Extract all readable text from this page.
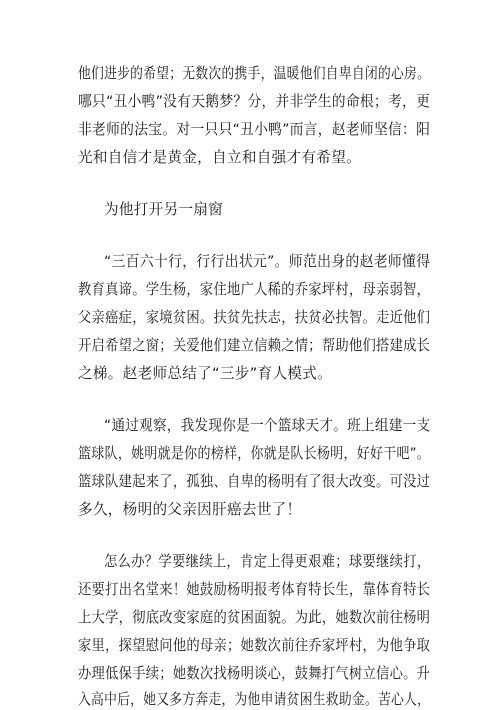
他们进步的希望；无数次的携手，温暖他们自卑自闭的心房。
哪只“丑小鸭”没有天鹅梦？分，并非学生的命根；考，更
非老师的法宝。对一只只“丑小鸭”而言，赵老师坚信：阳
光和自信才是黄金，自立和自强才有希望。
为他打开另一扇窗
“三百六十行，行行出状元”。师范出身的赵老师懂得
教育真谛。学生杨，家住地广人稀的乔家坪村，母亲弱智，
父亲癌症，家境贫困。扶贫先扶志，扶贫必扶智。走近他们
开启希望之窗；关爱他们建立信赖之情；帮助他们搭建成长
之梯。赵老师总结了“三步”育人模式。
“通过观察，我发现你是一个篮球天才。班上组建一支
篮球队，姚明就是你的榜样，你就是队长杨明，好好干吧”。
篮球队建起来了，孤独、自卑的杨明有了很大改变。可没过
多久，杨明的父亲因肝癌去世了！
怎么办？学要继续上，肯定上得更艰难；球要继续打，
还要打出名堂来！她鼓励杨明报考体育特长生，靠体育特长
上大学，彻底改变家庭的贫困面貌。为此，她数次前往杨明
家里，探望慰问他的母亲；她数次前往乔家坪村，为他争取
办理低保手续；她数次找杨明谈心，鼓舞打气树立信心。升
入高中后，她又多方奔走，为他申请贫困生救助金。苦心人，
